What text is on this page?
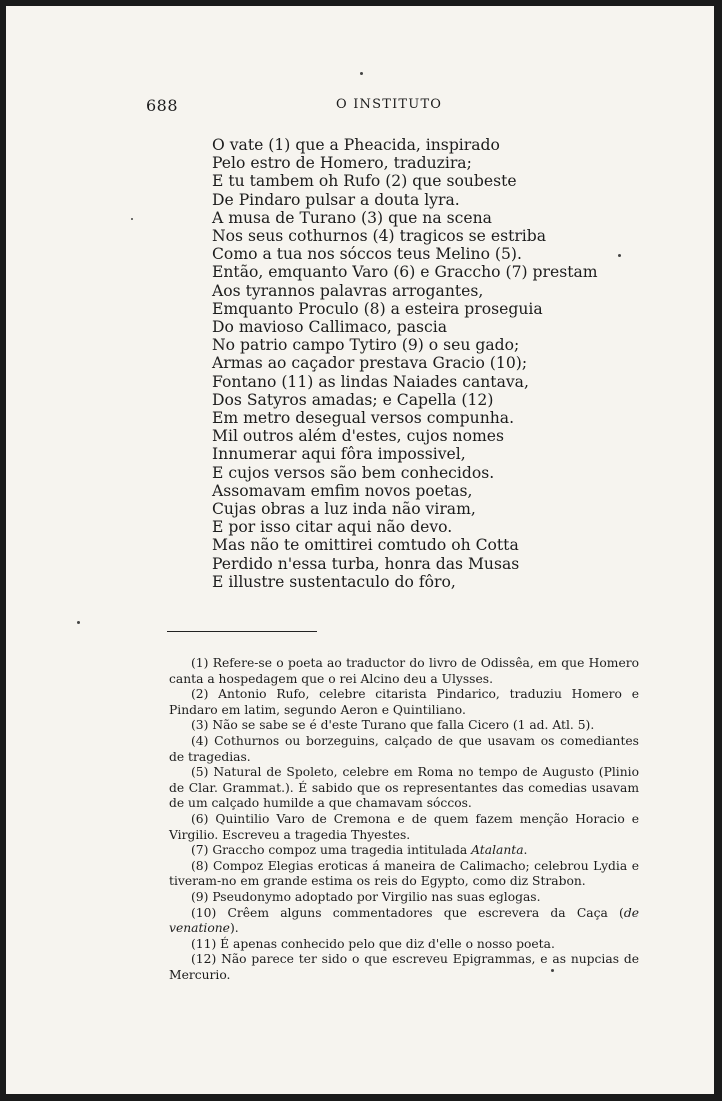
688	O INSTITUTO
O vate (1) que a Pheacida, inspirado
Pelo estro de Homero, traduzira;
E tu tambem oh Rufo (2) que soubeste
De Pindaro pulsar a douta lyra.
A musa de Turano (3) que na scena
Nos seus cothurnos (4) tragicos se estriba
Como a tua nos sóccos teus Melino (5).
Então, emquanto Varo (6) e Graccho (7) prestam
Aos tyrannos palavras arrogantes,
Emquanto Proculo (8) a esteira proseguia
Do mavioso Callimaco, pascia
No patrio campo Tytiro (9) o seu gado;
Armas ao caçador prestava Gracio (10);
Fontano (11) as lindas Naiades cantava,
Dos Satyros amadas; e Capella (12)
Em metro desegual versos compunha.
Mil outros além d'estes, cujos nomes
Innumerar aqui fôra impossivel,
E cujos versos são bem conhecidos.
Assomavam emfim novos poetas,
Cujas obras a luz inda não viram,
E por isso citar aqui não devo.
Mas não te omittirei comtudo oh Cotta
Perdido n'essa turba, honra das Musas
E illustre sustentaculo do fôro,

(1) Refere-se o poeta ao traductor do livro de Odissêa, em que Homero canta a hospedagem que o rei Alcino deu a Ulysses.

(2) Antonio Rufo, celebre citarista Pindarico, traduziu Homero e Pindaro em latim, segundo Aeron e Quintiliano.

(3) Não se sabe se é d'este Turano que falla Cicero (1 ad. Atl. 5).

(4) Cothurnos ou borzeguins, calçado de que usavam os comediantes de tragedias.

(5) Natural de Spoleto, celebre em Roma no tempo de Augusto (Plinio de Clar. Grammat.). É sabido que os representantes das comedias usavam de um calçado humilde a que chamavam sóccos.

(6) Quintilio Varo de Cremona e de quem fazem menção Horacio e Virgilio. Escreveu a tragedia Thyestes.

(7) Graccho compoz uma tragedia intitulada Atalanta.

(8) Compoz Elegias eroticas á maneira de Calimacho; celebrou Lydia e tiveram-no em grande estima os reis do Egypto, como diz Strabon.

(9) Pseudonymo adoptado por Virgilio nas suas eglogas.

(10) Crêem alguns commentadores que escrevera da Caça (de venatione).

(11) É apenas conhecido pelo que diz d'elle o nosso poeta.

(12) Não parece ter sido o que escreveu Epigrammas, e as nupcias de Mercurio.
